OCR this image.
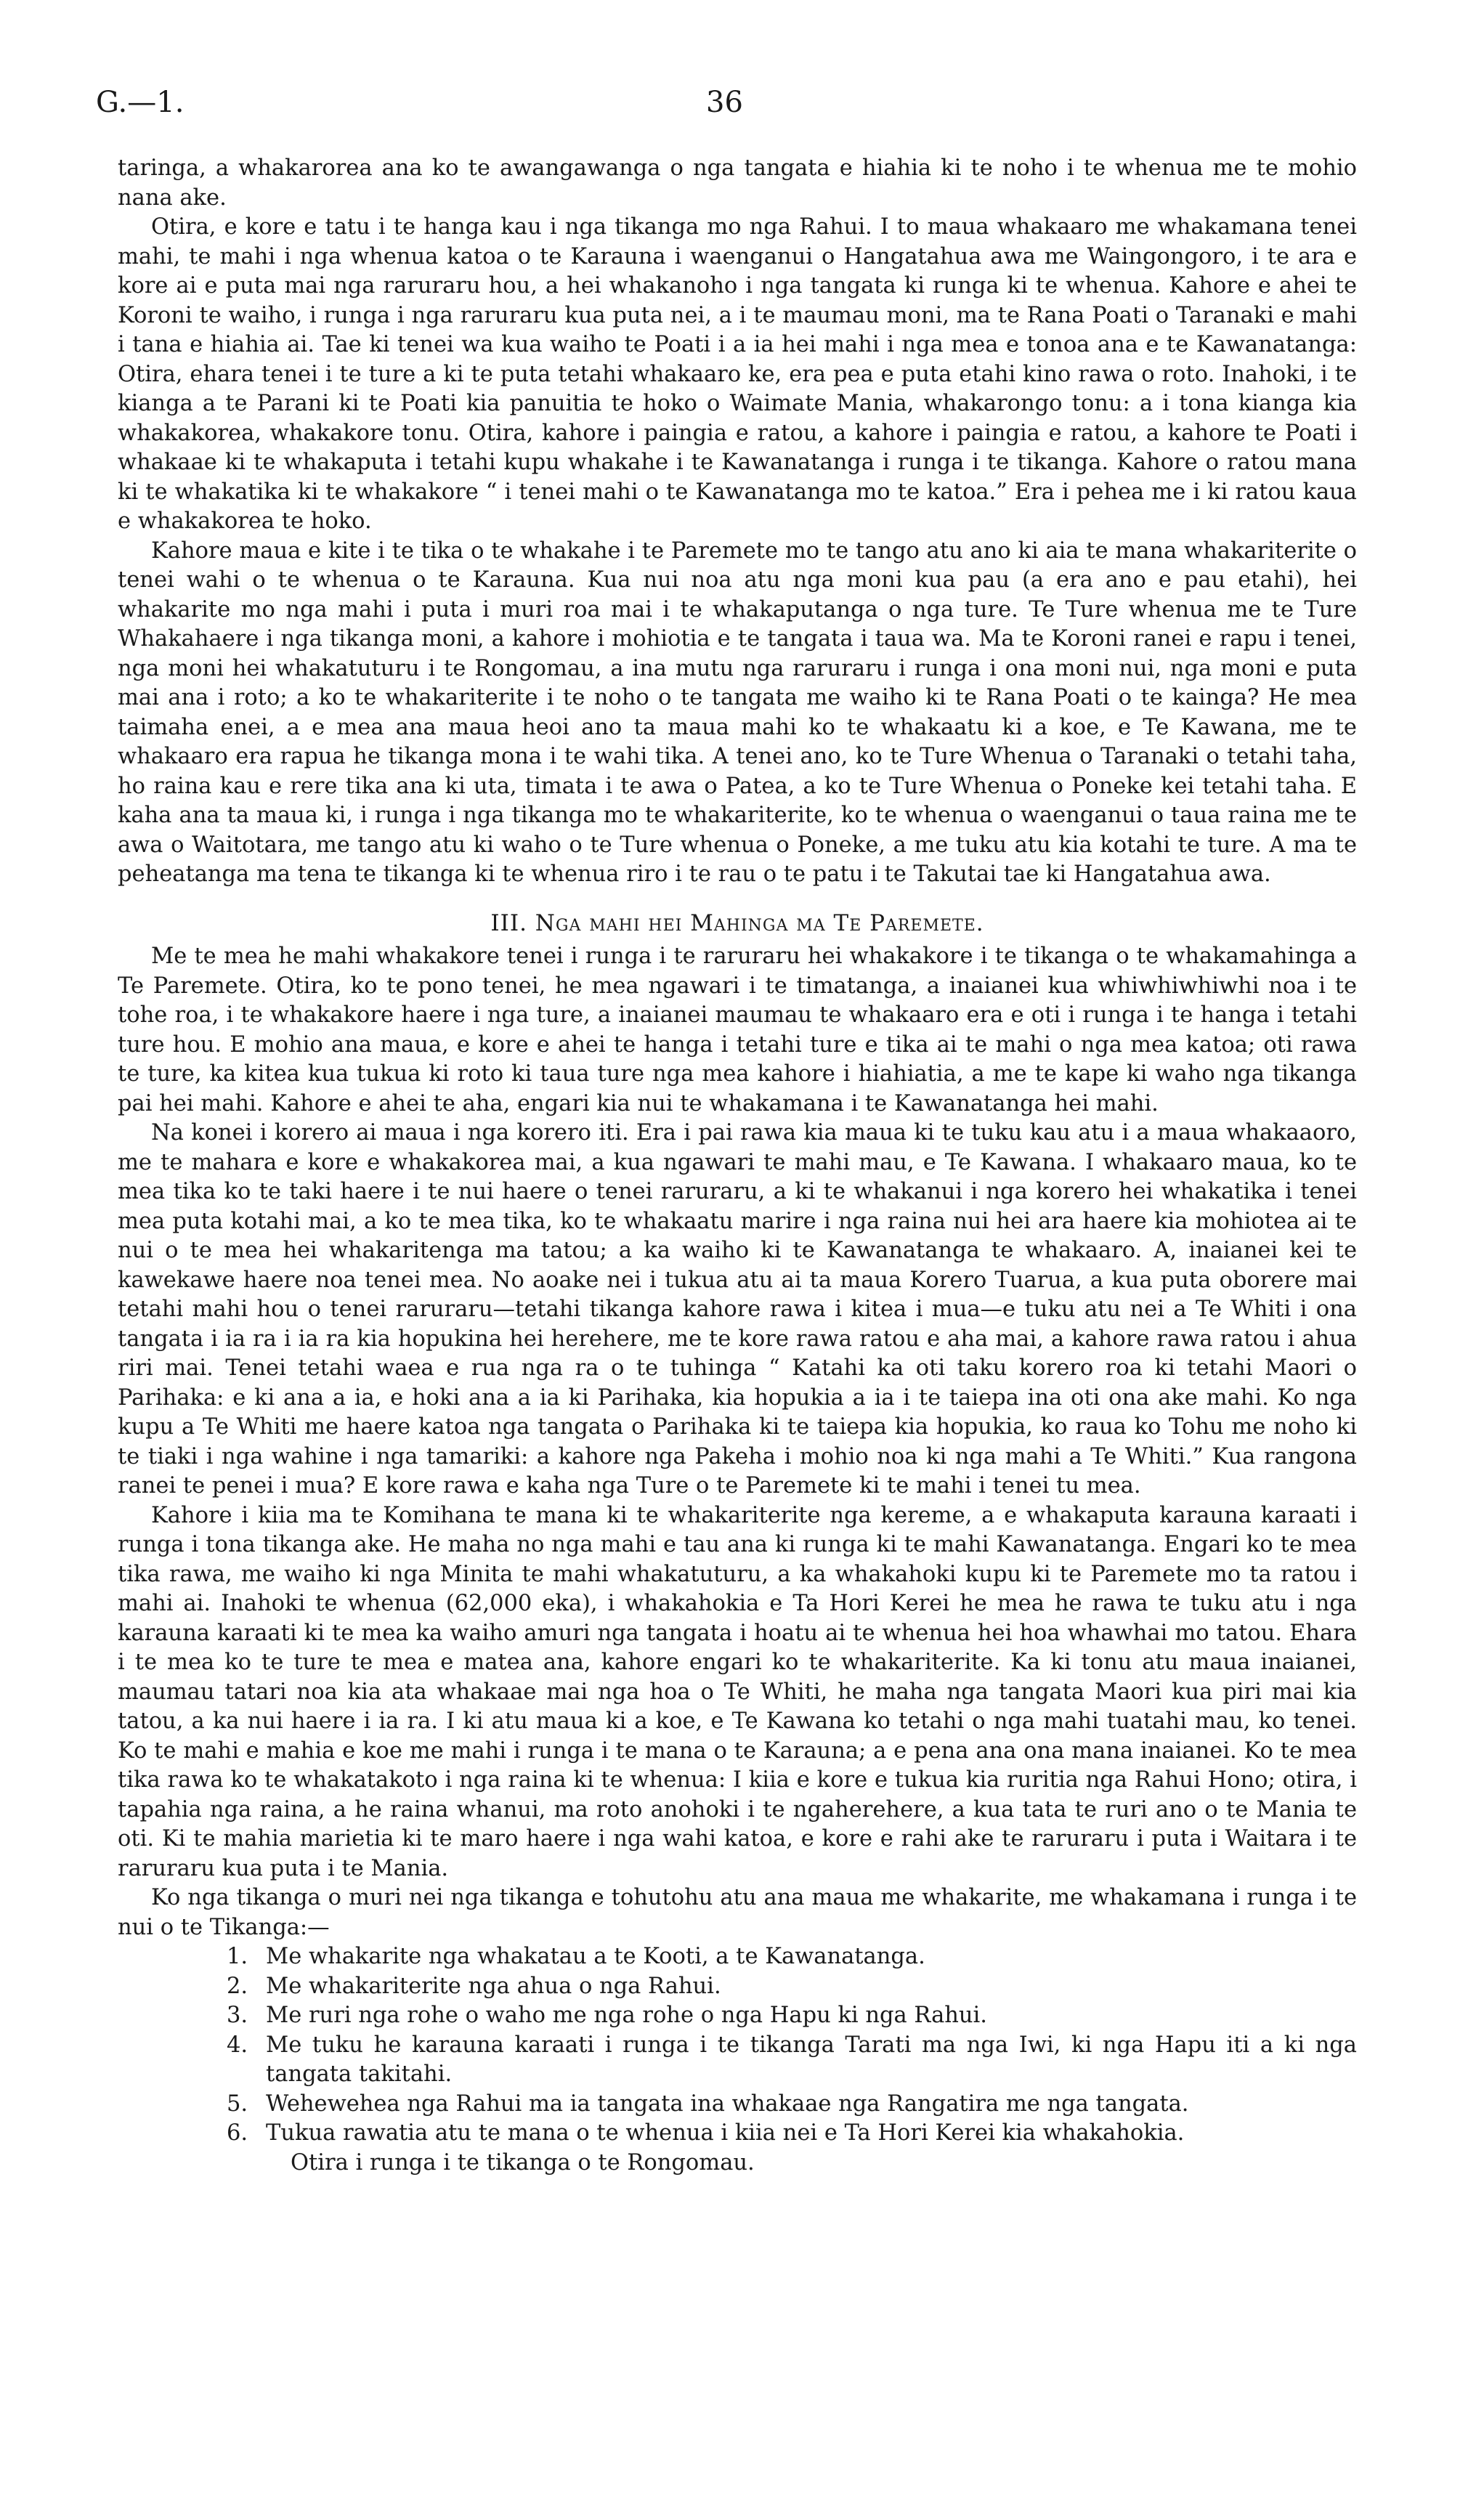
G.—1.	36

taringa, a whakarorea ana ko te awangawanga o nga tangata e hiahia ki te noho i te whenua me te mohio nana ake.

Otira, e kore e tatu i te hanga kau i nga tikanga mo nga Rahui. I to maua whakaaro me whakamana tenei mahi, te mahi i nga whenua katoa o te Karauna i waenganui o Hangatahua awa me Waingongoro, i te ara e kore ai e puta mai nga raruraru hou, a hei whakanoho i nga tangata ki runga ki te whenua. Kahore e ahei te Koroni te waiho, i runga i nga raruraru kua puta nei, a i te maumau moni, ma te Rana Poati o Taranaki e mahi i tana e hiahia ai. Tae ki tenei wa kua waiho te Poati i a ia hei mahi i nga mea e tonoa ana e te Kawanatanga: Otira, ehara tenei i te ture a ki te puta tetahi whakaaro ke, era pea e puta etahi kino rawa o roto. Inahoki, i te kianga a te Parani ki te Poati kia panuitia te hoko o Waimate Mania, whakarongo tonu: a i tona kianga kia whakakorea, whakakore tonu. Otira, kahore i paingia e ratou, a kahore i paingia e ratou, a kahore te Poati i whakaae ki te whakaputa i tetahi kupu whakahe i te Kawanatanga i runga i te tikanga. Kahore o ratou mana ki te whakatika ki te whakakore “ i tenei mahi o te Kawanatanga mo te katoa.” Era i pehea me i ki ratou kaua e whakakorea te hoko.

Kahore maua e kite i te tika o te whakahe i te Paremete mo te tango atu ano ki aia te mana whakariterite o tenei wahi o te whenua o te Karauna. Kua nui noa atu nga moni kua pau (a era ano e pau etahi), hei whakarite mo nga mahi i puta i muri roa mai i te whakaputanga o nga ture. Te Ture whenua me te Ture Whakahaere i nga tikanga moni, a kahore i mohiotia e te tangata i taua wa. Ma te Koroni ranei e rapu i tenei, nga moni hei whakatuturu i te Rongomau, a ina mutu nga raruraru i runga i ona moni nui, nga moni e puta mai ana i roto; a ko te whakariterite i te noho o te tangata me waiho ki te Rana Poati o te kainga? He mea taimaha enei, a e mea ana maua heoi ano ta maua mahi ko te whakaatu ki a koe, e Te Kawana, me te whakaaro era rapua he tikanga mona i te wahi tika. A tenei ano, ko te Ture Whenua o Taranaki o tetahi taha, ho raina kau e rere tika ana ki uta, timata i te awa o Patea, a ko te Ture Whenua o Poneke kei tetahi taha. E kaha ana ta maua ki, i runga i nga tikanga mo te whakariterite, ko te whenua o waenganui o taua raina me te awa o Waitotara, me tango atu ki waho o te Ture whenua o Poneke, a me tuku atu kia kotahi te ture. A ma te peheatanga ma tena te tikanga ki te whenua riro i te rau o te patu i te Takutai tae ki Hangatahua awa.

III. Nga mahi hei Mahinga ma Te Paremete.

Me te mea he mahi whakakore tenei i runga i te raruraru hei whakakore i te tikanga o te whakamahinga a Te Paremete. Otira, ko te pono tenei, he mea ngawari i te timatanga, a inaianei kua whiwhiwhiwhi noa i te tohe roa, i te whakakore haere i nga ture, a inaianei maumau te whakaaro era e oti i runga i te hanga i tetahi ture hou. E mohio ana maua, e kore e ahei te hanga i tetahi ture e tika ai te mahi o nga mea katoa; oti rawa te ture, ka kitea kua tukua ki roto ki taua ture nga mea kahore i hiahiatia, a me te kape ki waho nga tikanga pai hei mahi. Kahore e ahei te aha, engari kia nui te whakamana i te Kawanatanga hei mahi.

Na konei i korero ai maua i nga korero iti. Era i pai rawa kia maua ki te tuku kau atu i a maua whakaaoro, me te mahara e kore e whakakorea mai, a kua ngawari te mahi mau, e Te Kawana. I whakaaro maua, ko te mea tika ko te taki haere i te nui haere o tenei raruraru, a ki te whakanui i nga korero hei whakatika i tenei mea puta kotahi mai, a ko te mea tika, ko te whakaatu marire i nga raina nui hei ara haere kia mohiotea ai te nui o te mea hei whakaritenga ma tatou; a ka waiho ki te Kawanatanga te whakaaro. A, inaianei kei te kawekawe haere noa tenei mea. No aoake nei i tukua atu ai ta maua Korero Tuarua, a kua puta oborere mai tetahi mahi hou o tenei raruraru—tetahi tikanga kahore rawa i kitea i mua—e tuku atu nei a Te Whiti i ona tangata i ia ra i ia ra kia hopukina hei herehere, me te kore rawa ratou e aha mai, a kahore rawa ratou i ahua riri mai. Tenei tetahi waea e rua nga ra o te tuhinga “ Katahi ka oti taku korero roa ki tetahi Maori o Parihaka: e ki ana a ia, e hoki ana a ia ki Parihaka, kia hopukia a ia i te taiepa ina oti ona ake mahi. Ko nga kupu a Te Whiti me haere katoa nga tangata o Parihaka ki te taiepa kia hopukia, ko raua ko Tohu me noho ki te tiaki i nga wahine i nga tamariki: a kahore nga Pakeha i mohio noa ki nga mahi a Te Whiti.” Kua rangona ranei te penei i mua? E kore rawa e kaha nga Ture o te Paremete ki te mahi i tenei tu mea.

Kahore i kiia ma te Komihana te mana ki te whakariterite nga kereme, a e whakaputa karauna karaati i runga i tona tikanga ake. He maha no nga mahi e tau ana ki runga ki te mahi Kawanatanga. Engari ko te mea tika rawa, me waiho ki nga Minita te mahi whakatuturu, a ka whakahoki kupu ki te Paremete mo ta ratou i mahi ai. Inahoki te whenua (62,000 eka), i whakahokia e Ta Hori Kerei he mea he rawa te tuku atu i nga karauna karaati ki te mea ka waiho amuri nga tangata i hoatu ai te whenua hei hoa whawhai mo tatou. Ehara i te mea ko te ture te mea e matea ana, kahore engari ko te whakariterite. Ka ki tonu atu maua inaianei, maumau tatari noa kia ata whakaae mai nga hoa o Te Whiti, he maha nga tangata Maori kua piri mai kia tatou, a ka nui haere i ia ra. I ki atu maua ki a koe, e Te Kawana ko tetahi o nga mahi tuatahi mau, ko tenei. Ko te mahi e mahia e koe me mahi i runga i te mana o te Karauna; a e pena ana ona mana inaianei. Ko te mea tika rawa ko te whakatakoto i nga raina ki te whenua: I kiia e kore e tukua kia ruritia nga Rahui Hono; otira, i tapahia nga raina, a he raina whanui, ma roto anohoki i te ngaherehere, a kua tata te ruri ano o te Mania te oti. Ki te mahia marietia ki te maro haere i nga wahi katoa, e kore e rahi ake te raruraru i puta i Waitara i te raruraru kua puta i te Mania.

Ko nga tikanga o muri nei nga tikanga e tohutohu atu ana maua me whakarite, me whakamana i runga i te nui o te Tikanga:—

1. Me whakarite nga whakatau a te Kooti, a te Kawanatanga.
2. Me whakariterite nga ahua o nga Rahui.
3. Me ruri nga rohe o waho me nga rohe o nga Hapu ki nga Rahui.
4. Me tuku he karauna karaati i runga i te tikanga Tarati ma nga Iwi, ki nga Hapu iti a ki nga tangata takitahi.
5. Wehewehea nga Rahui ma ia tangata ina whakaae nga Rangatira me nga tangata.
6. Tukua rawatia atu te mana o te whenua i kiia nei e Ta Hori Kerei kia whakahokia.
Otira i runga i te tikanga o te Rongomau.
